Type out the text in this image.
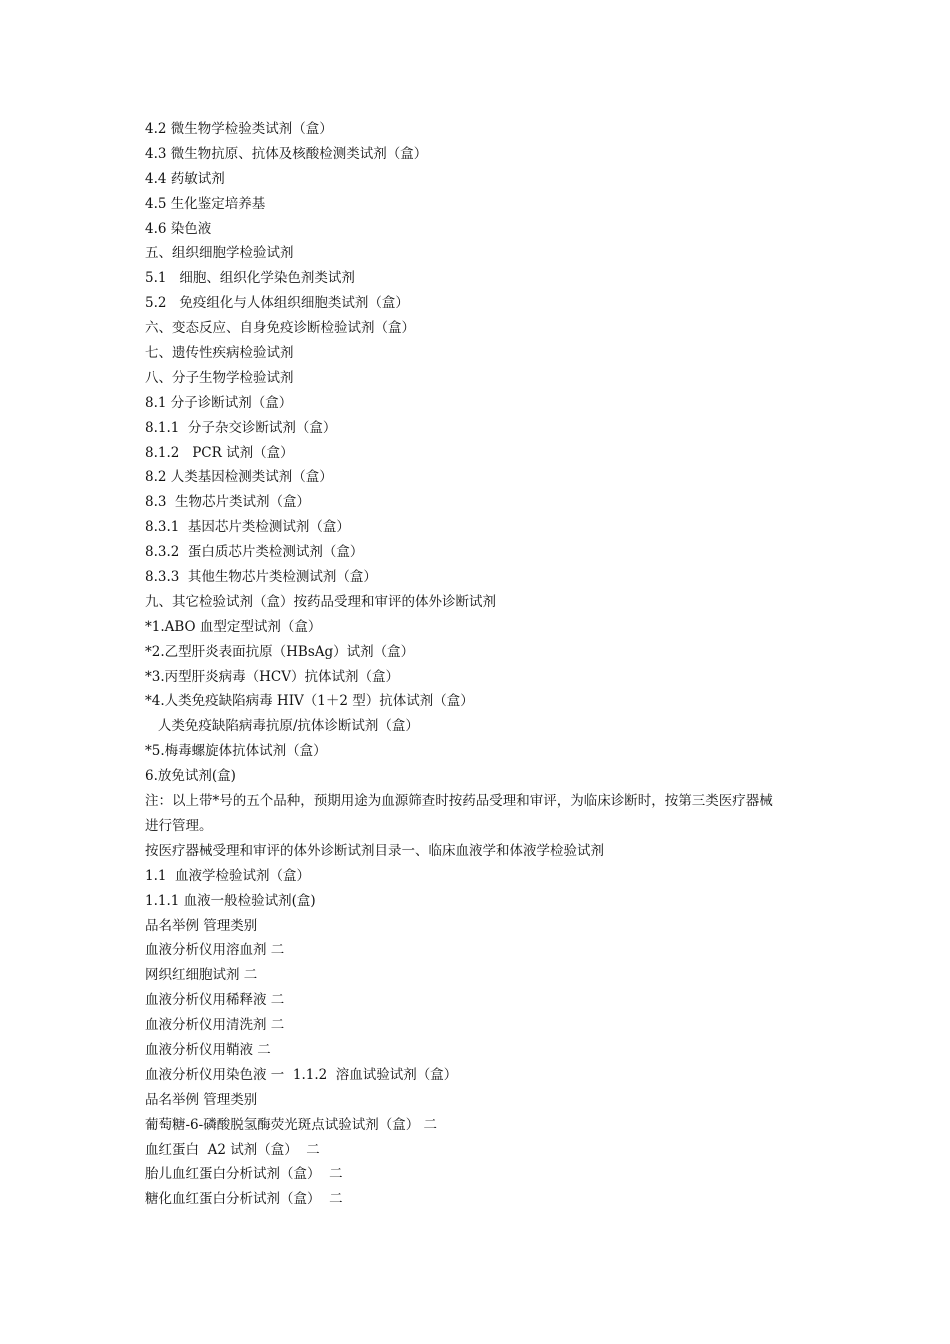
4.2 微生物学检验类试剂（盒）
4.3 微生物抗原、抗体及核酸检测类试剂（盒）
4.4 药敏试剂
4.5 生化鉴定培养基
4.6 染色液
五、组织细胞学检验试剂
5.1   细胞、组织化学染色剂类试剂
5.2   免疫组化与人体组织细胞类试剂（盒）
六、变态反应、自身免疫诊断检验试剂（盒）
七、遗传性疾病检验试剂
八、分子生物学检验试剂
8.1 分子诊断试剂（盒）
8.1.1  分子杂交诊断试剂（盒）
8.1.2   PCR 试剂（盒）
8.2 人类基因检测类试剂（盒）
8.3  生物芯片类试剂（盒）
8.3.1  基因芯片类检测试剂（盒）
8.3.2  蛋白质芯片类检测试剂（盒）
8.3.3  其他生物芯片类检测试剂（盒）
九、其它检验试剂（盒）按药品受理和审评的体外诊断试剂
*1.ABO 血型定型试剂（盒）
*2.乙型肝炎表面抗原（HBsAg）试剂（盒）
*3.丙型肝炎病毒（HCV）抗体试剂（盒）
*4.人类免疫缺陷病毒 HIV（1＋2 型）抗体试剂（盒）
人类免疫缺陷病毒抗原/抗体诊断试剂（盒）
*5.梅毒螺旋体抗体试剂（盒）
6.放免试剂(盒)
注：以上带*号的五个品种，预期用途为血源筛查时按药品受理和审评，为临床诊断时，按第三类医疗器械
进行管理。
按医疗器械受理和审评的体外诊断试剂目录一、临床血液学和体液学检验试剂
1.1  血液学检验试剂（盒）
1.1.1 血液一般检验试剂(盒)
品名举例 管理类别
血液分析仪用溶血剂 二
网织红细胞试剂 二
血液分析仪用稀释液 二
血液分析仪用清洗剂 二
血液分析仪用鞘液 二
血液分析仪用染色液 一  1.1.2  溶血试验试剂（盒）
品名举例 管理类别
葡萄糖-6-磷酸脱氢酶荧光斑点试验试剂（盒） 二
血红蛋白  A2 试剂（盒）  二
胎儿血红蛋白分析试剂（盒）  二
糖化血红蛋白分析试剂（盒）  二
